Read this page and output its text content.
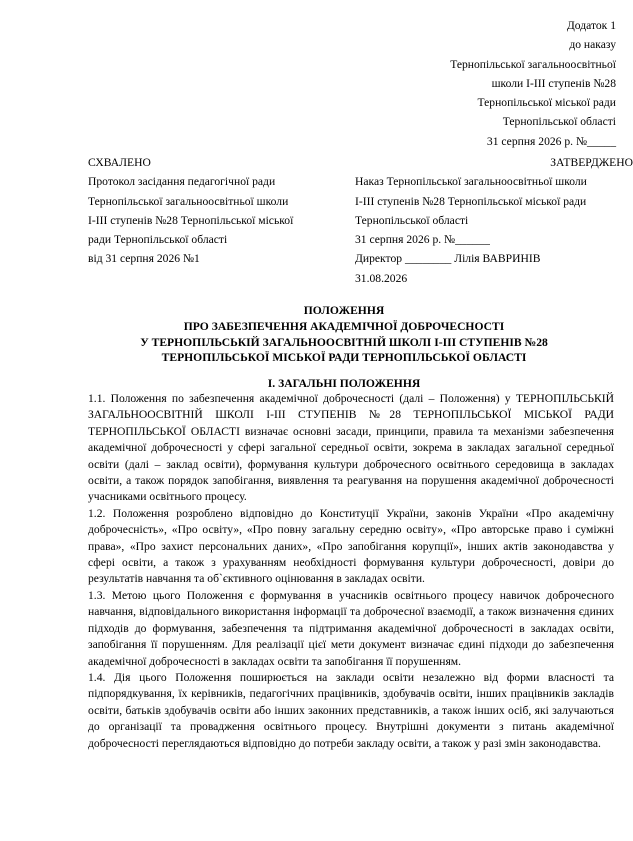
Додаток 1
до наказу
Тернопільської загальноосвітньої
школи І-ІІІ ступенів №28
Тернопільської міської ради
Тернопільської області
31 серпня 2026 р. №_____
СХВАЛЕНО
Протокол засідання педагогічної ради
Тернопільської загальноосвітньої школи
І-ІІІ ступенів №28 Тернопільської міської
ради Тернопільської області
від 31 серпня 2026 №1
ЗАТВЕРДЖЕНО
Наказ Тернопільської загальноосвітньої школи
І-ІІІ ступенів №28 Тернопільської міської ради
Тернопільської області
31 серпня 2026 р. №______
Директор ________ Лілія ВАВРИНІВ
31.08.2026
ПОЛОЖЕННЯ
ПРО ЗАБЕЗПЕЧЕННЯ АКАДЕМІЧНОЇ ДОБРОЧЕСНОСТІ
У ТЕРНОПІЛЬСЬКІЙ ЗАГАЛЬНООСВІТНІЙ ШКОЛІ І-ІІІ СТУПЕНІВ №28
ТЕРНОПІЛЬСЬКОЇ МІСЬКОЇ РАДИ ТЕРНОПІЛЬСЬКОЇ ОБЛАСТІ
І. ЗАГАЛЬНІ ПОЛОЖЕННЯ

1.1. Положення по забезпечення академічної доброчесності (далі – Положення) у ТЕРНОПІЛЬСЬКІЙ ЗАГАЛЬНООСВІТНІЙ ШКОЛІ І-ІІІ СТУПЕНІВ №28 ТЕРНОПІЛЬСЬКОЇ МІСЬКОЇ РАДИ ТЕРНОПІЛЬСЬКОЇ ОБЛАСТІ визначає основні засади, принципи, правила та механізми забезпечення академічної доброчесності у сфері загальної середньої освіти, зокрема в закладах загальної середньої освіти (далі – заклад освіти), формування культури доброчесного освітнього середовища в закладах освіти, а також порядок запобігання, виявлення та реагування на порушення академічної доброчесності учасниками освітнього процесу.

1.2. Положення розроблено відповідно до Конституції України, законів України «Про академічну доброчесність», «Про освіту», «Про повну загальну середню освіту», «Про авторське право і суміжні права», «Про захист персональних даних», «Про запобігання корупції», інших актів законодавства у сфері освіти, а також з урахуванням необхідності формування культури доброчесності, довіри до результатів навчання та об`єктивного оцінювання в закладах освіти.

1.3. Метою цього Положення є формування в учасників освітнього процесу навичок доброчесного навчання, відповідального використання інформації та доброчесної взаємодії, а також визначення єдиних підходів до формування, забезпечення та підтримання академічної доброчесності в закладах освіти, запобігання її порушенням. Для реалізації цієї мети документ визначає єдині підходи до забезпечення академічної доброчесності в закладах освіти та запобігання її порушенням.

1.4. Дія цього Положення поширюється на заклади освіти незалежно від форми власності та підпорядкування, їх керівників, педагогічних працівників, здобувачів освіти, інших працівників закладів освіти, батьків здобувачів освіти або інших законних представників, а також інших осіб, які залучаються до організації та провадження освітнього процесу. Внутрішні документи з питань академічної доброчесності переглядаються відповідно до потреби закладу освіти, а також у разі змін законодавства.
